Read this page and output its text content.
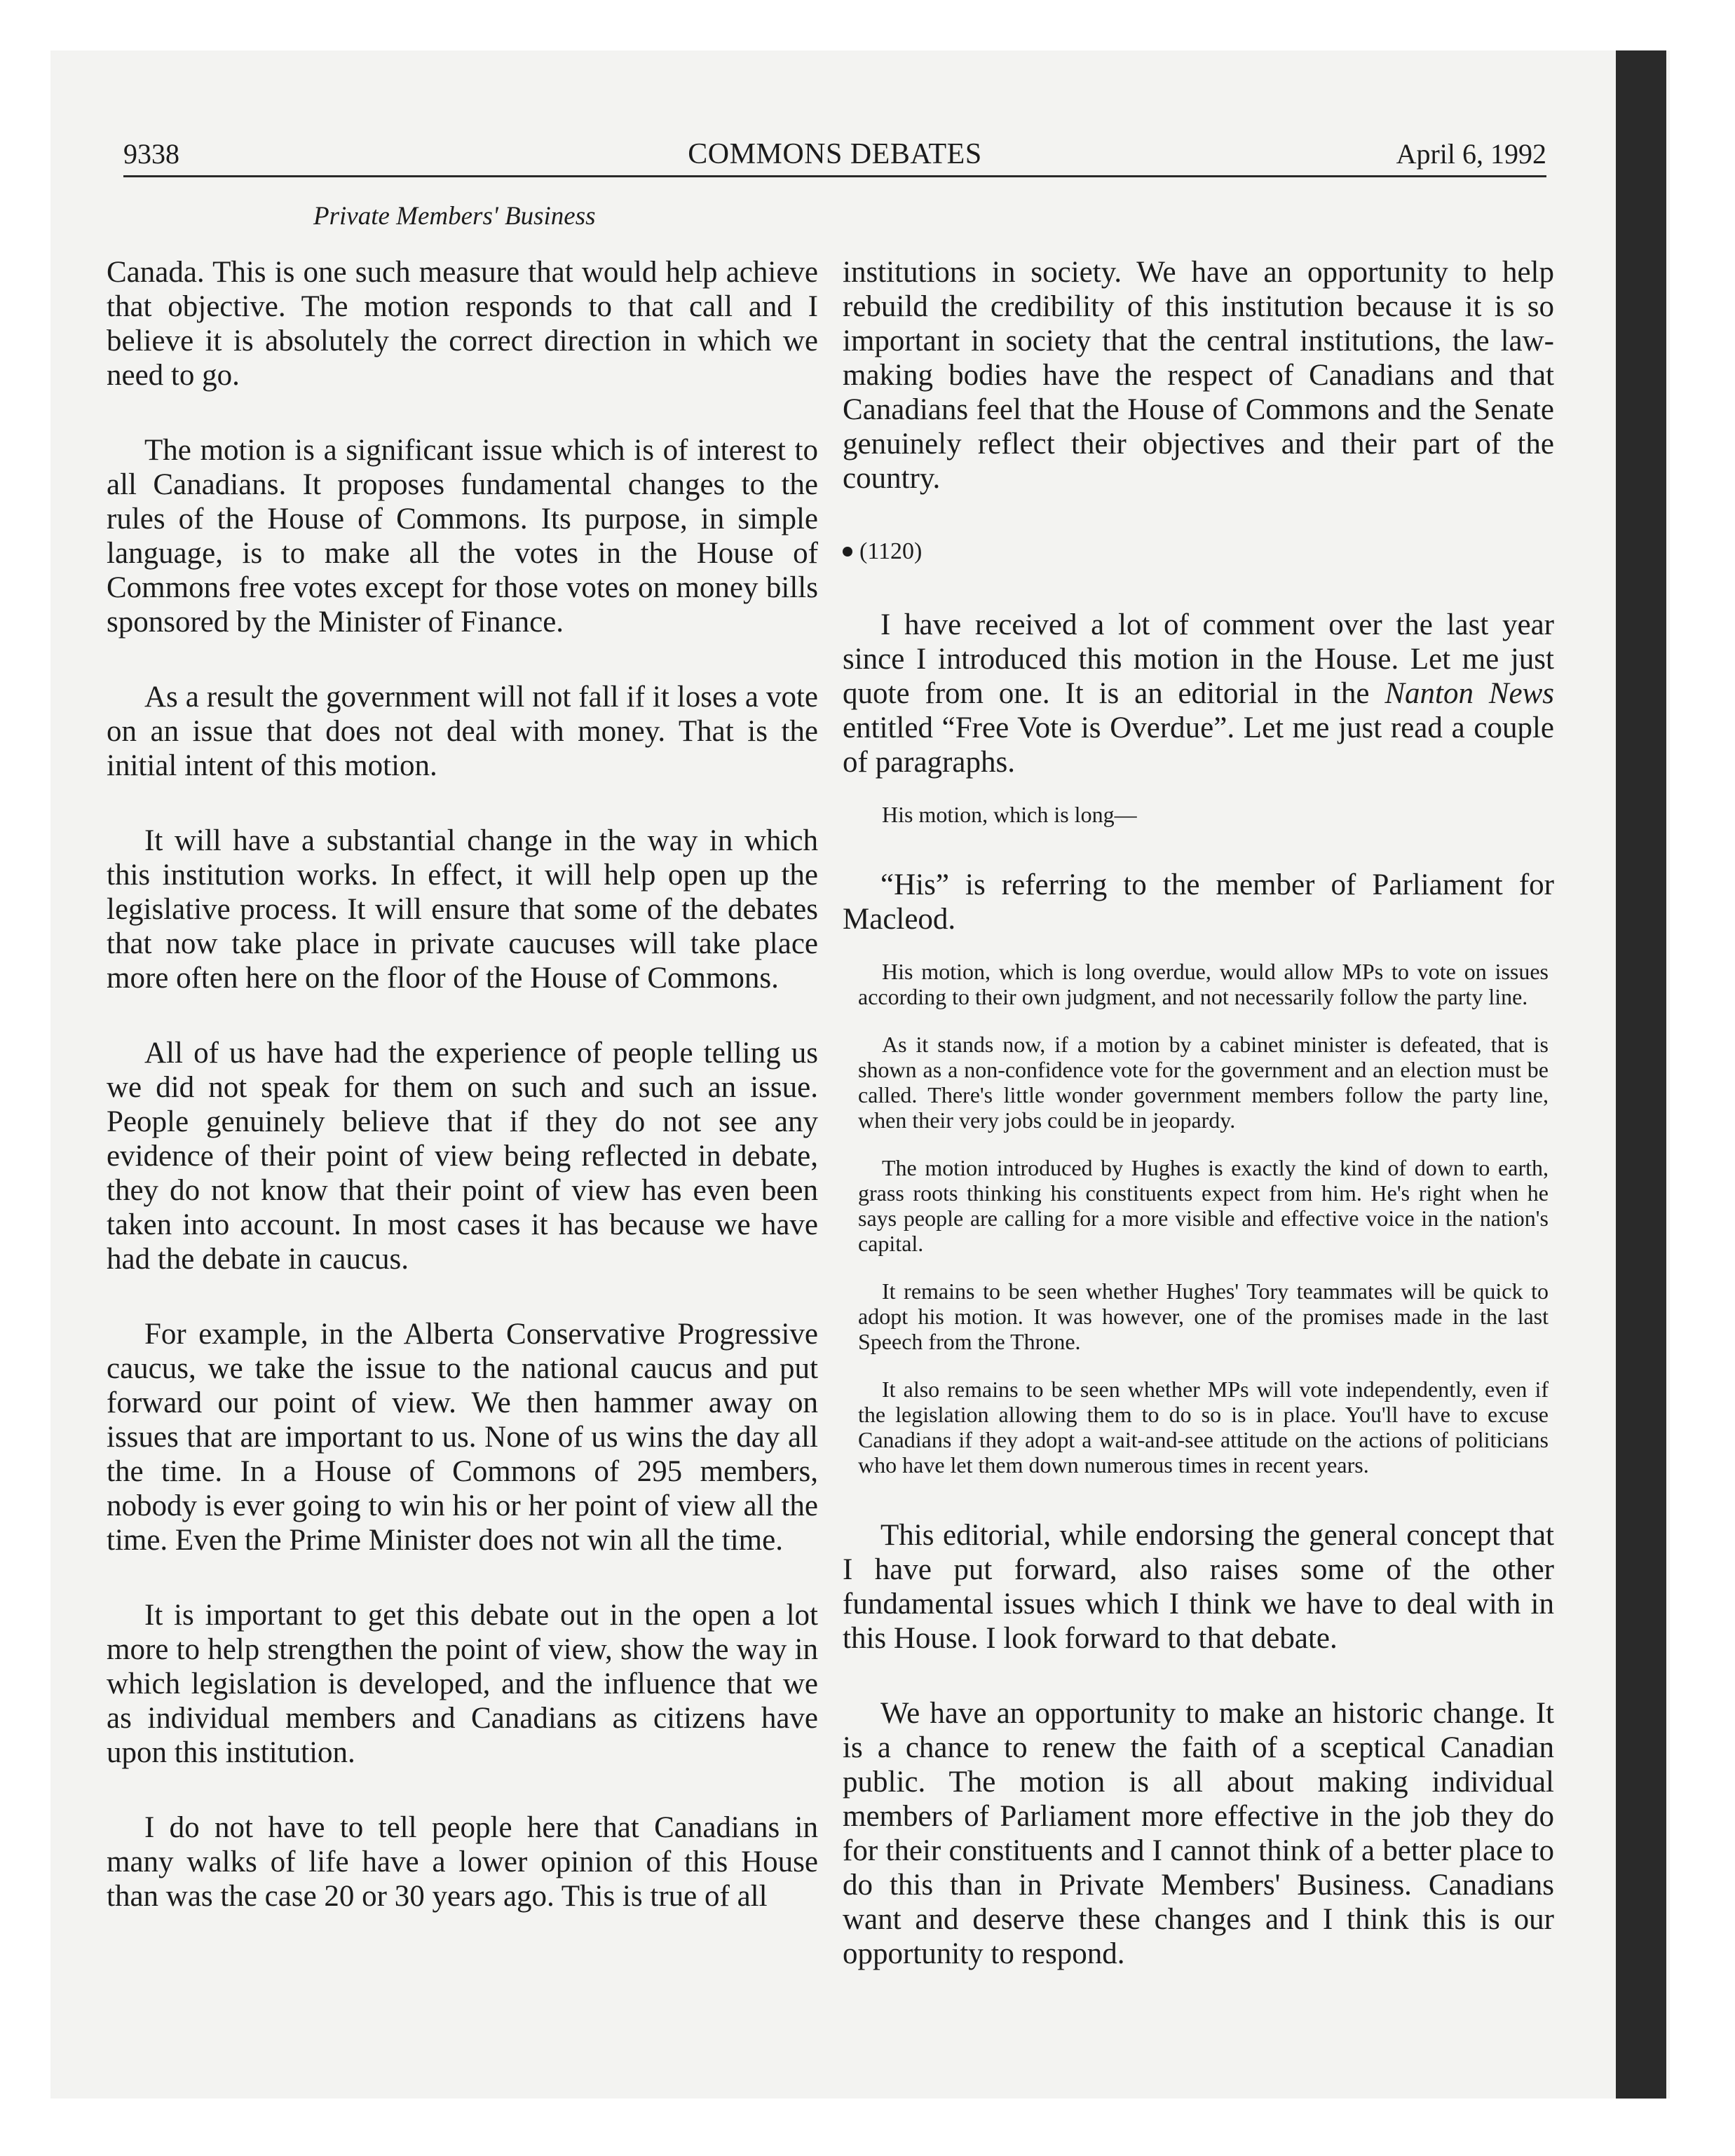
9338	COMMONS DEBATES	April 6, 1992
Private Members' Business

Canada. This is one such measure that would help achieve that objective. The motion responds to that call and I believe it is absolutely the correct direction in which we need to go.

The motion is a significant issue which is of interest to all Canadians. It proposes fundamental changes to the rules of the House of Commons. Its purpose, in simple language, is to make all the votes in the House of Commons free votes except for those votes on money bills sponsored by the Minister of Finance.

As a result the government will not fall if it loses a vote on an issue that does not deal with money. That is the initial intent of this motion.

It will have a substantial change in the way in which this institution works. In effect, it will help open up the legislative process. It will ensure that some of the debates that now take place in private caucuses will take place more often here on the floor of the House of Commons.

All of us have had the experience of people telling us we did not speak for them on such and such an issue. People genuinely believe that if they do not see any evidence of their point of view being reflected in debate, they do not know that their point of view has even been taken into account. In most cases it has because we have had the debate in caucus.

For example, in the Alberta Conservative Progressive caucus, we take the issue to the national caucus and put forward our point of view. We then hammer away on issues that are important to us. None of us wins the day all the time. In a House of Commons of 295 members, nobody is ever going to win his or her point of view all the time. Even the Prime Minister does not win all the time.

It is important to get this debate out in the open a lot more to help strengthen the point of view, show the way in which legislation is developed, and the influence that we as individual members and Canadians as citizens have upon this institution.

I do not have to tell people here that Canadians in many walks of life have a lower opinion of this House than was the case 20 or 30 years ago. This is true of all

institutions in society. We have an opportunity to help rebuild the credibility of this institution because it is so important in society that the central institutions, the law-making bodies have the respect of Canadians and that Canadians feel that the House of Commons and the Senate genuinely reflect their objectives and their part of the country.

(1120)

I have received a lot of comment over the last year since I introduced this motion in the House. Let me just quote from one. It is an editorial in the Nanton News entitled “Free Vote is Overdue”. Let me just read a couple of paragraphs.

His motion, which is long—

“His” is referring to the member of Parliament for Macleod.

His motion, which is long overdue, would allow MPs to vote on issues according to their own judgment, and not necessarily follow the party line.

As it stands now, if a motion by a cabinet minister is defeated, that is shown as a non-confidence vote for the government and an election must be called. There's little wonder government members follow the party line, when their very jobs could be in jeopardy.

The motion introduced by Hughes is exactly the kind of down to earth, grass roots thinking his constituents expect from him. He's right when he says people are calling for a more visible and effective voice in the nation's capital.

It remains to be seen whether Hughes' Tory teammates will be quick to adopt his motion. It was however, one of the promises made in the last Speech from the Throne.

It also remains to be seen whether MPs will vote independently, even if the legislation allowing them to do so is in place. You'll have to excuse Canadians if they adopt a wait-and-see attitude on the actions of politicians who have let them down numerous times in recent years.

This editorial, while endorsing the general concept that I have put forward, also raises some of the other fundamental issues which I think we have to deal with in this House. I look forward to that debate.

We have an opportunity to make an historic change. It is a chance to renew the faith of a sceptical Canadian public. The motion is all about making individual members of Parliament more effective in the job they do for their constituents and I cannot think of a better place to do this than in Private Members' Business. Canadians want and deserve these changes and I think this is our opportunity to respond.
